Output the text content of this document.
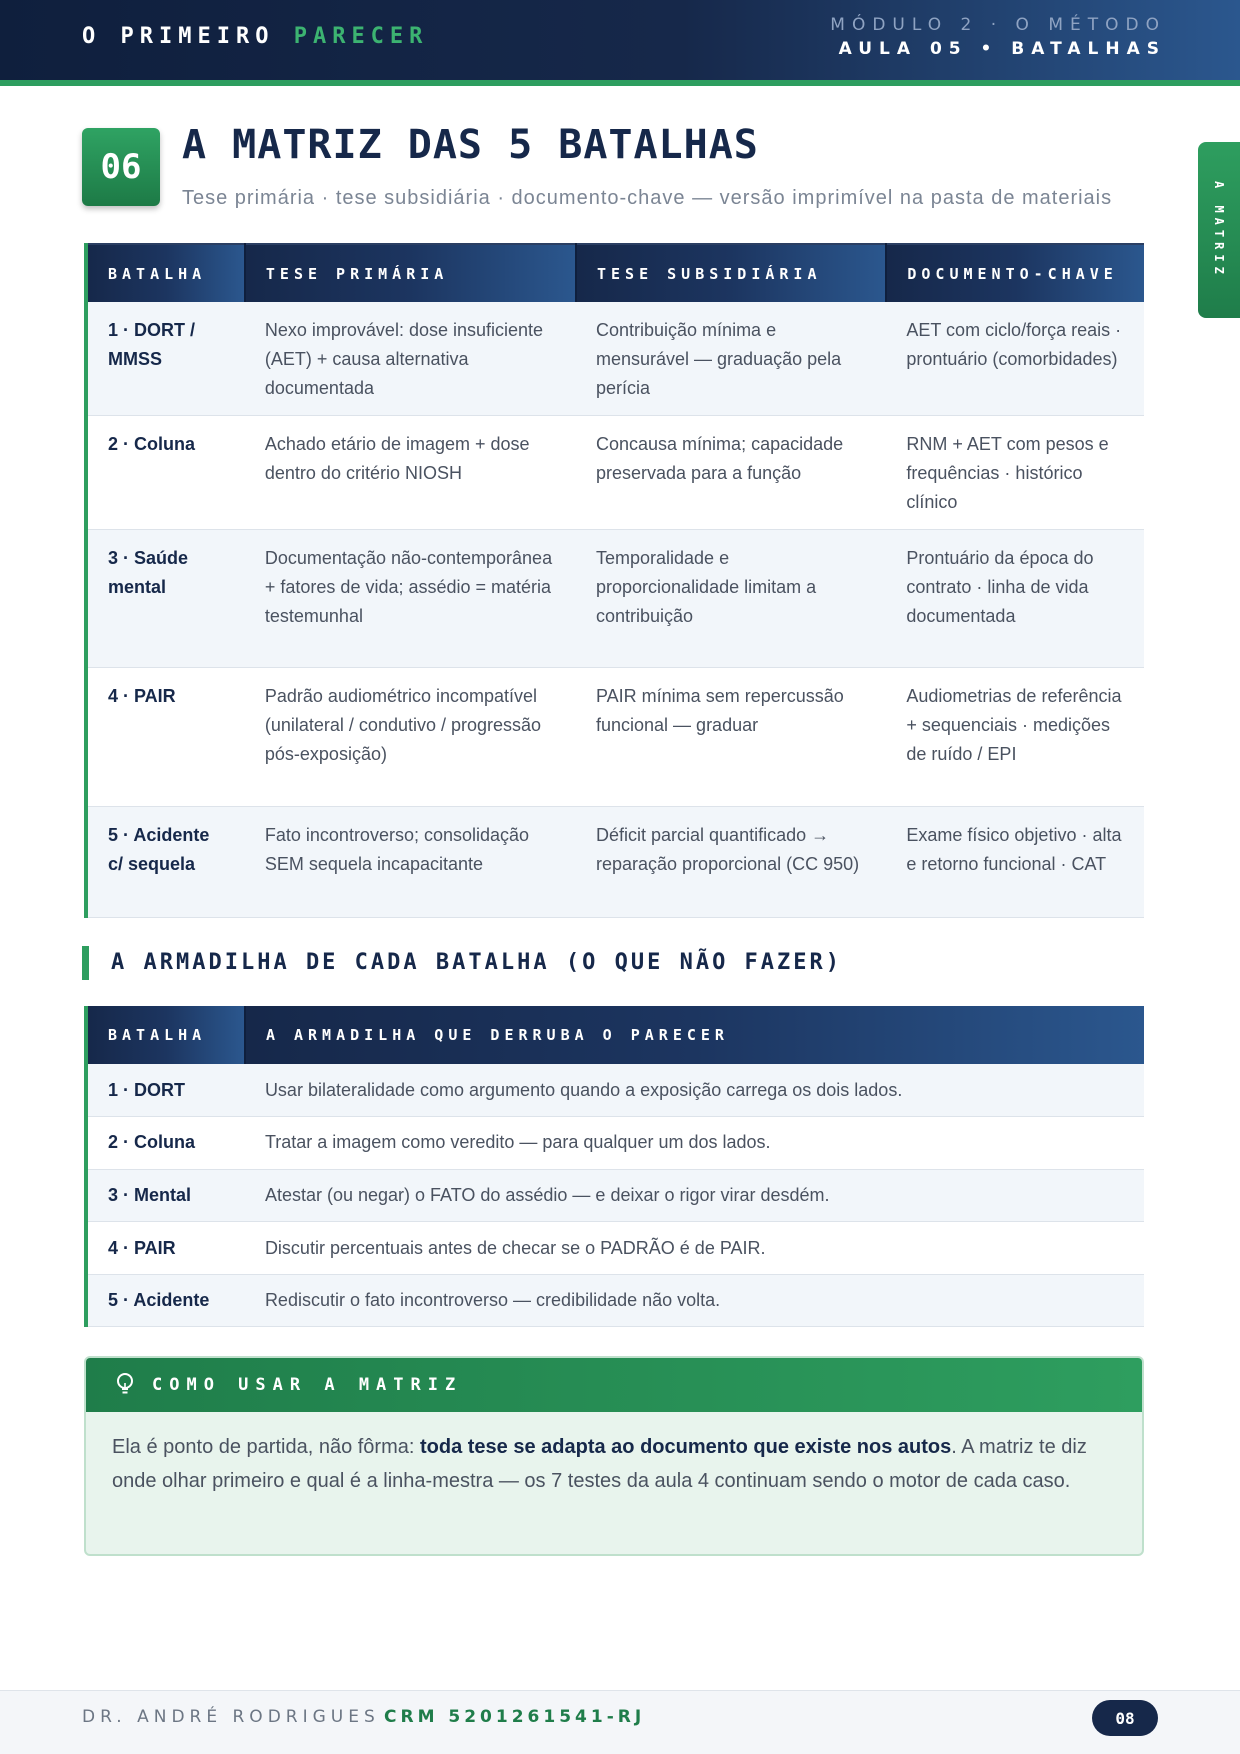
O PRIMEIRO PARECER	MÓDULO 2 · O MÉTODO
AULA 05 • BATALHAS
A MATRIZ
06	A MATRIZ DAS 5 BATALHAS
Tese primária · tese subsidiária · documento-chave — versão imprimível na pasta de materiais
BATALHA	TESE PRIMÁRIA	TESE SUBSIDIÁRIA	DOCUMENTO-CHAVE
1 · DORT / MMSS	Nexo improvável: dose insuficiente (AET) + causa alternativa documentada	Contribuição mínima e mensurável — graduação pela perícia	AET com ciclo/força reais · prontuário (comorbidades)
2 · Coluna	Achado etário de imagem + dose dentro do critério NIOSH	Concausa mínima; capacidade preservada para a função	RNM + AET com pesos e frequências · histórico clínico
3 · Saúde mental	Documentação não-contemporânea + fatores de vida; assédio = matéria testemunhal	Temporalidade e proporcionalidade limitam a contribuição	Prontuário da época do contrato · linha de vida documentada
4 · PAIR	Padrão audiométrico incompatível (unilateral / condutivo / progressão pós-exposição)	PAIR mínima sem repercussão funcional — graduar	Audiometrias de referência + sequenciais · medições de ruído / EPI
5 · Acidente c/ sequela	Fato incontroverso; consolidação SEM sequela incapacitante	Déficit parcial quantificado → reparação proporcional (CC 950)	Exame físico objetivo · alta e retorno funcional · CAT
A ARMADILHA DE CADA BATALHA (O QUE NÃO FAZER)
BATALHA	A ARMADILHA QUE DERRUBA O PARECER
1 · DORT	Usar bilateralidade como argumento quando a exposição carrega os dois lados.
2 · Coluna	Tratar a imagem como veredito — para qualquer um dos lados.
3 · Mental	Atestar (ou negar) o FATO do assédio — e deixar o rigor virar desdém.
4 · PAIR	Discutir percentuais antes de checar se o PADRÃO é de PAIR.
5 · Acidente	Rediscutir o fato incontroverso — credibilidade não volta.
COMO USAR A MATRIZ
Ela é ponto de partida, não fôrma: toda tese se adapta ao documento que existe nos autos. A matriz te diz onde olhar primeiro e qual é a linha-mestra — os 7 testes da aula 4 continuam sendo o motor de cada caso.
DR. ANDRÉ RODRIGUES CRM 5201261541-RJ	08
